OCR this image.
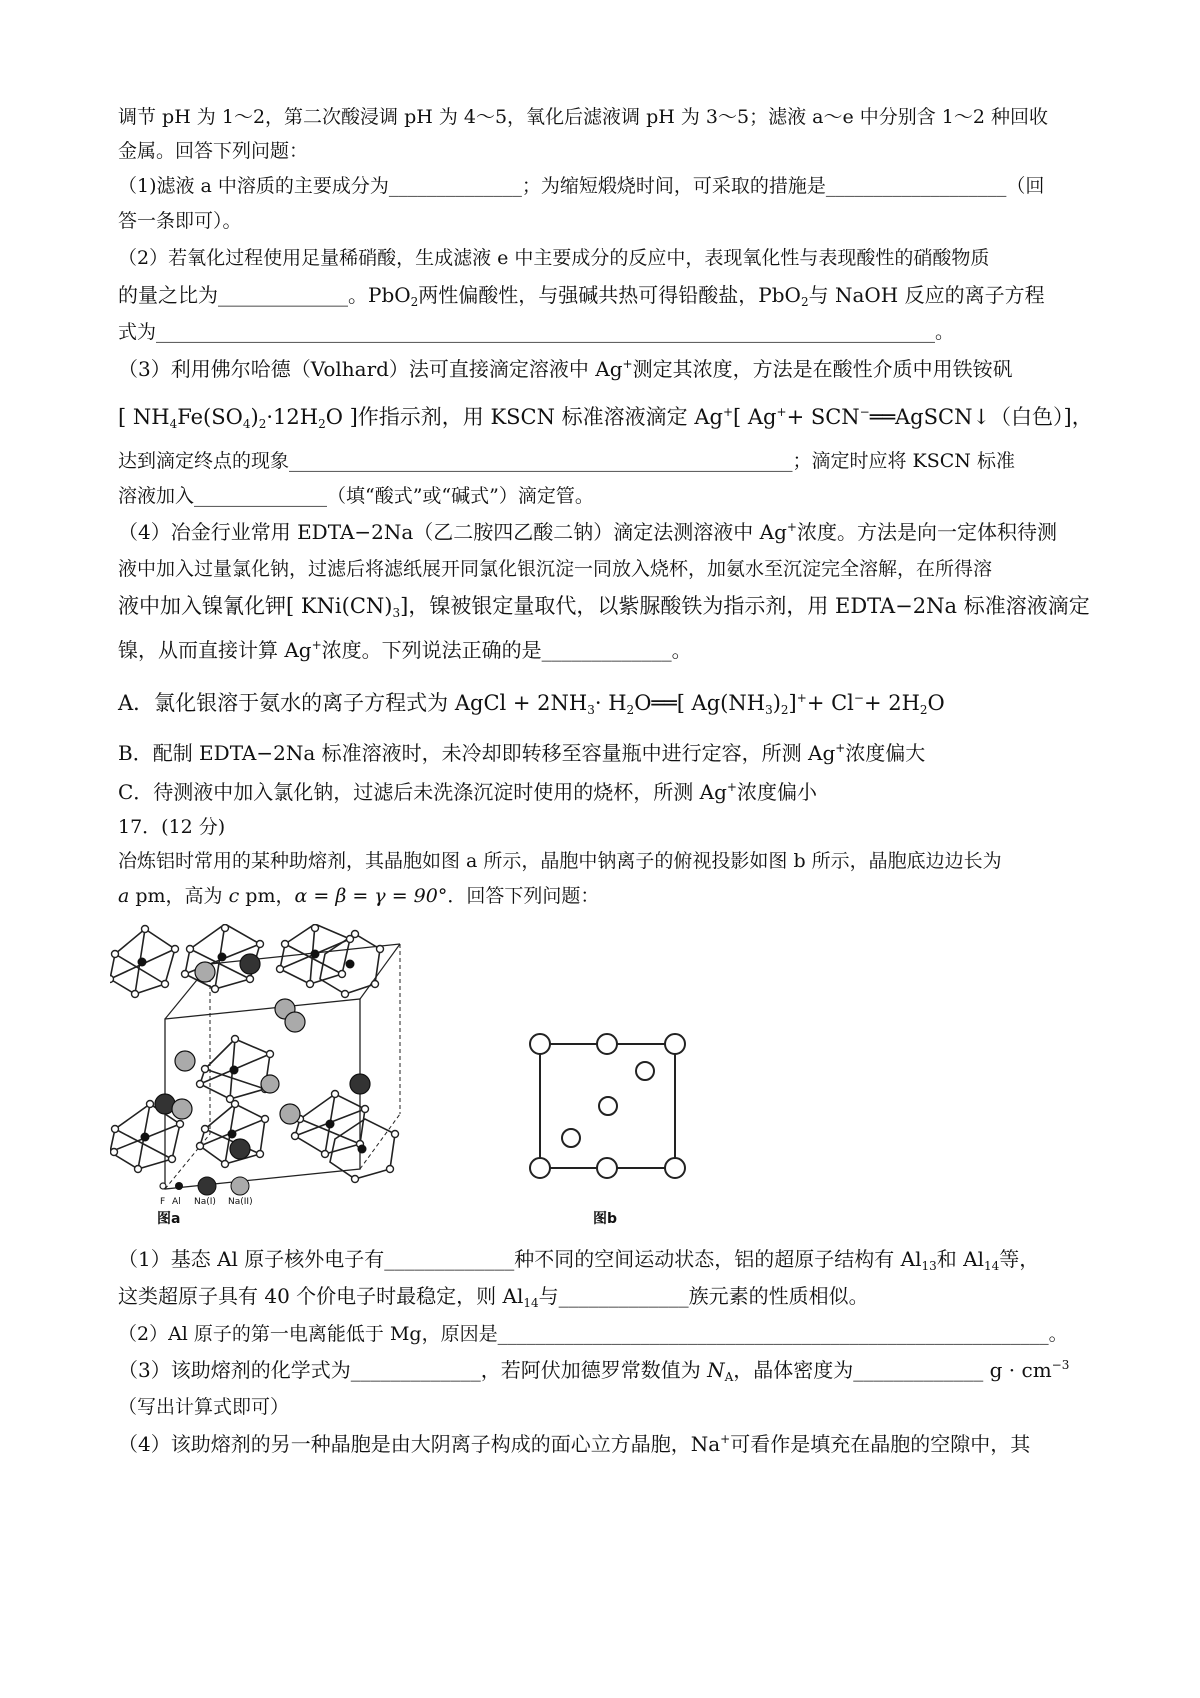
调节 pH 为 1～2，第二次酸浸调 pH 为 4～5，氧化后滤液调 pH 为 3～5；滤液 a～e 中分别含 1～2 种回收
金属。回答下列问题：
（1)滤液 a 中溶质的主要成分为______________；为缩短煅烧时间，可采取的措施是___________________（回
答一条即可）。
（2）若氧化过程使用足量稀硝酸，生成滤液 e 中主要成分的反应中，表现氧化性与表现酸性的硝酸物质
的量之比为_____________。PbO$_2$两性偏酸性，与强碱共热可得铅酸盐，PbO$_2$与 NaOH 反应的离子方程
式为__________________________________________________________________________________。
（3）利用佛尔哈德（Volhard）法可直接滴定溶液中 Ag+测定其浓度，方法是在酸性介质中用铁铵矾
[ $NH_4Fe(SO_4)_2\cdot 12H_2O$ ]作指示剂，用 KSCN 标准溶液滴定 Ag+[ Ag++ SCN−══AgSCN↓（白色）]，
达到滴定终点的现象_____________________________________________________；滴定时应将 KSCN 标准
溶液加入______________（填“酸式”或“碱式”）滴定管。
（4）冶金行业常用 EDTA−2Na（乙二胺四乙酸二钠）滴定法测溶液中 Ag+浓度。方法是向一定体积待测
液中加入过量氯化钠，过滤后将滤纸展开同氯化银沉淀一同放入烧杯，加氨水至沉淀完全溶解，在所得溶
液中加入镍氰化钾[ $KNi(CN)_3$]，镍被银定量取代，以紫脲酸铁为指示剂，用 EDTA−2Na 标准溶液滴定
镍，从而直接计算 Ag+浓度。下列说法正确的是_____________。
A．氯化银溶于氨水的离子方程式为 AgCl + $2NH_3\cdot$ $H_2O══$[ $Ag(NH_3)_2]^++ Cl^-+ 2H_2O$
B．配制 EDTA−2Na 标准溶液时，未冷却即转移至容量瓶中进行定容，所测 Ag+浓度偏大
C．待测液中加入氯化钠，过滤后未洗涤沉淀时使用的烧杯，所测 Ag+浓度偏小
17．(12 分)
冶炼铝时常用的某种助熔剂，其晶胞如图 a 所示，晶胞中钠离子的俯视投影如图 b 所示，晶胞底边边长为
a pm，高为 c pm，α = β = γ = 90°．回答下列问题：
F Al Na(I) Na(II)
图a	图b
（1）基态 Al 原子核外电子有_____________种不同的空间运动状态，铝的超原子结构有 $Al_{13}$和 $Al_{14}$等，
这类超原子具有 40 个价电子时最稳定，则 $Al_{14}$与_____________族元素的性质相似。
（2）Al 原子的第一电离能低于 Mg，原因是__________________________________________________________。
（3）该助熔剂的化学式为_____________，若阿伏加德罗常数值为 $N_A$，晶体密度为_____________ $g \cdot cm^{-3}$
（写出计算式即可）
（4）该助熔剂的另一种晶胞是由大阴离子构成的面心立方晶胞，Na+可看作是填充在晶胞的空隙中，其
